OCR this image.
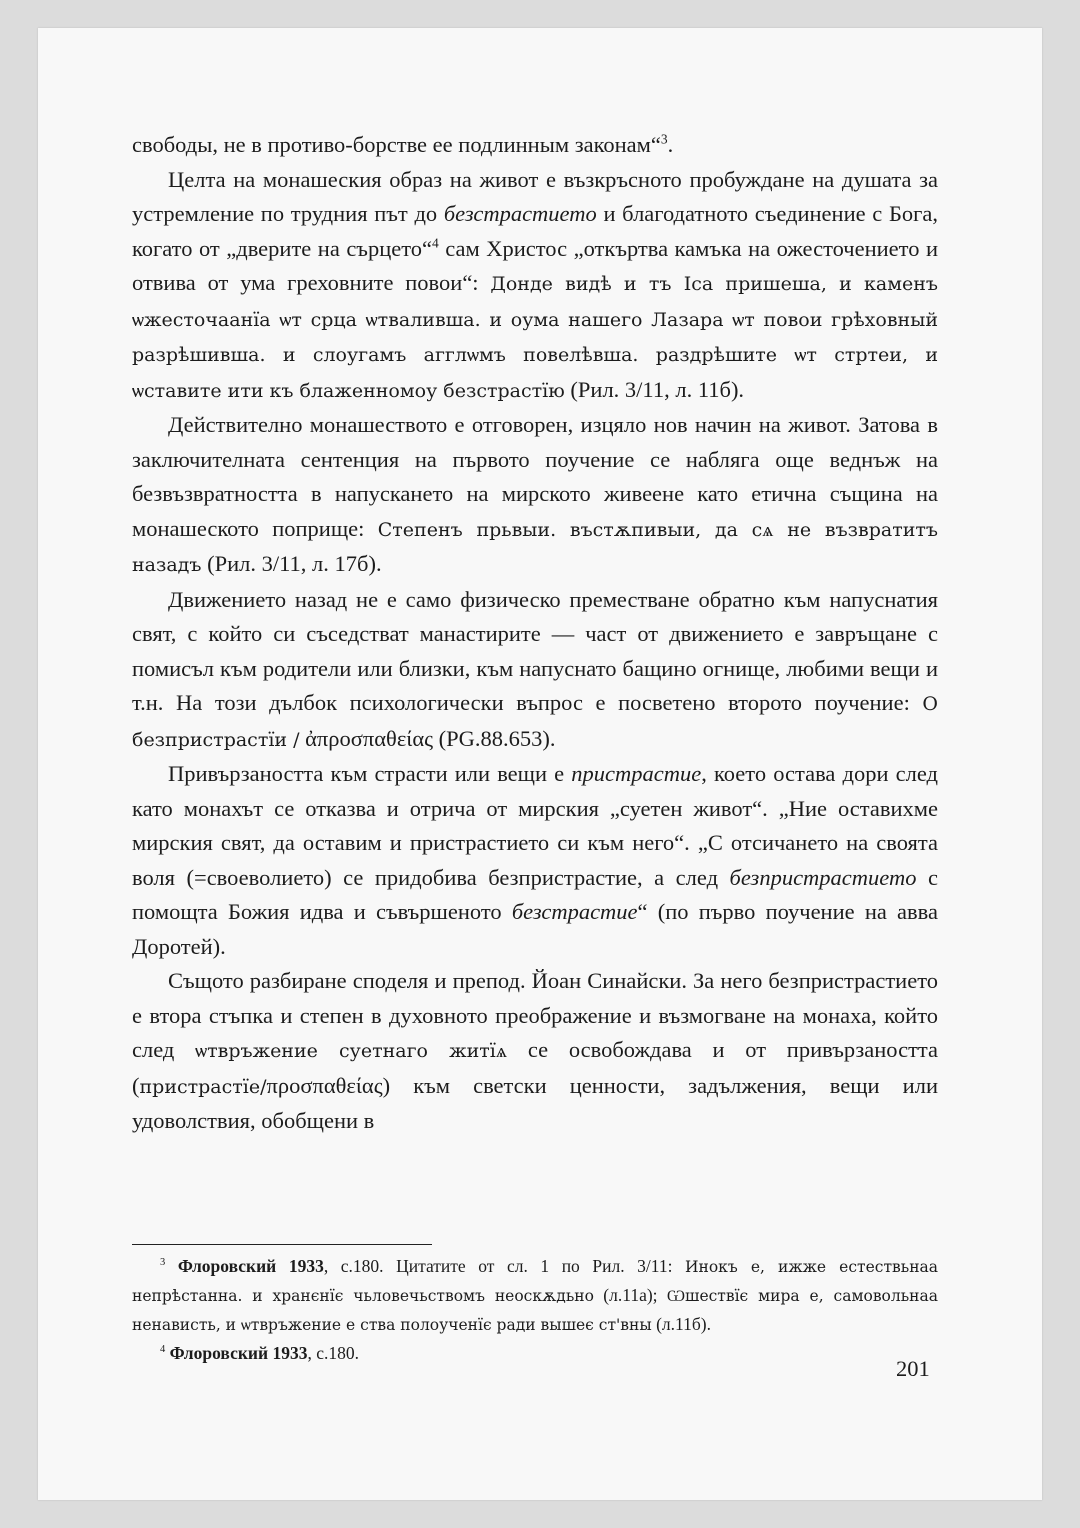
свободы, не в противо-борстве ее подлинным законам“$^3$.

Целта на монашеския образ на живот е възкръсното пробуждане на душата за устремление по трудния път до безстрастието и благодатното съединение с Бога, когато от „дверите на сърцето“$^4$ сам Христос „откъртва камъка на ожесточението и отвива от ума греховните повои“: Донде видѣ и тъ Іса пришеша, и каменъ ѡжесточаанїа ѡт срца ѡтваливша. и оума нашего Лазара ѡт повои грѣховный разрѣшивша. и слоугамъ агглѡмъ повелѣвша. раздрѣшите ѡт стртеи, и ѡставите ити къ блаженномоу безстрастїю (Рил. 3/11, л. 11б).

Действително монашеството е отговорен, изцяло нов начин на живот. Затова в заключителната сентенция на първото поучение се набляга още веднъж на безвъзвратността в напускането на мирското живеене като етична същина на монашеското поприще: Степенъ прьвыи. въстѫпивыи, да сѧ не възвратитъ назадъ (Рил. 3/11, л. 17б).

Движението назад не е само физическо преместване обратно към напуснатия свят, с който си съседстват манастирите — част от движението е завръщане с помисъл към родители или близки, към напуснато бащино огнище, любими вещи и т.н. На този дълбок психологически въпрос е посветено второто поучение: О безпристрастїи / ἀπροσπαθείας (PG.88.653).

Привързаността към страсти или вещи е пристрастие, което остава дори след като монахът се отказва и отрича от мирския „суетен живот“. „Ние оставихме мирския свят, да оставим и пристрастието си към него“. „С отсичането на своята воля (=своеволието) се придобива безпристрастие, а след безпристрастието с помощта Божия идва и съвършеното безстрастие“ (по първо поучение на авва Доротей).

Същото разбиране споделя и препод. Йоан Синайски. За него безпристрастието е втора стъпка и степен в духовното преображение и възмогване на монаха, който след ѡтвръжение суетнаго житїѧ се освобождава и от привързаността (пристрастїе/προσπαθείας) към светски ценности, задължения, вещи или удоволствия, обобщени в

$^3$ Флоровский 1933, с.180. Цитатите от сл. 1 по Рил. 3/11: Инокъ е, ижже естествьнаа непрѣстанна. и хранєнїє чьловечьствомъ неоскѫдьно (л.11а); Ѡшествїє мира е, самовольнаа ненависть, и ѡтвръжение е ства полоученїє ради вышеє ст'вны (л.11б).

$^4$ Флоровский 1933, с.180.

201
